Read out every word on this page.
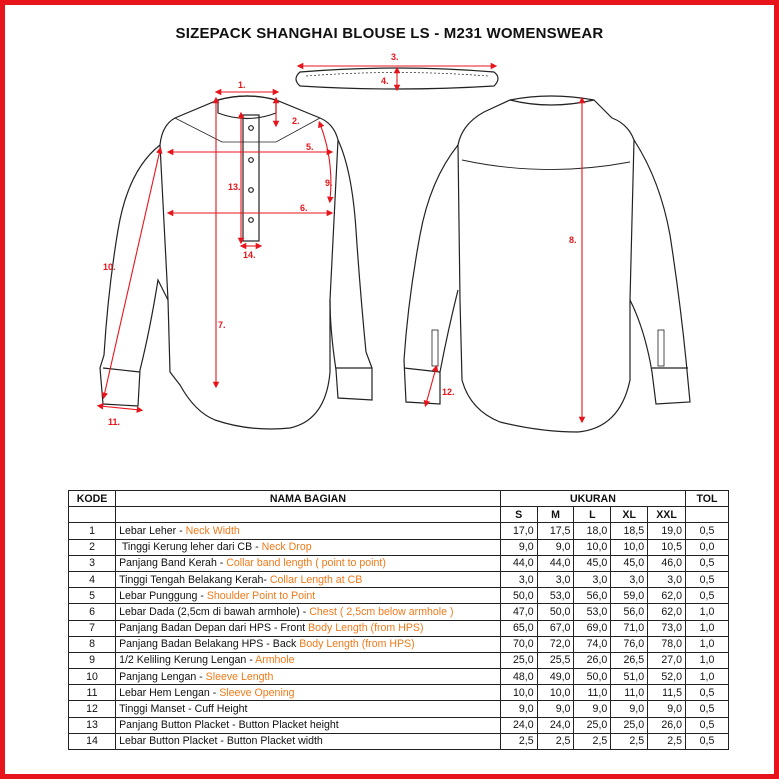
SIZEPACK SHANGHAI BLOUSE LS - M231 WOMENSWEAR
1.
2.
3.
4.
5.
6.
7.
8.
9.
10.
11.
12.
13.
14.
KODE	NAMA BAGIAN	UKURAN					TOL
		S	M	L	XL	XXL	
1	Lebar Leher - Neck Width	17,0	17,5	18,0	18,5	19,0	0,5
2	Tinggi Kerung leher dari CB - Neck Drop	9,0	9,0	10,0	10,0	10,5	0,0
3	Panjang Band Kerah - Collar band length ( point to point)	44,0	44,0	45,0	45,0	46,0	0,5
4	Tinggi Tengah Belakang Kerah- Collar Length at CB	3,0	3,0	3,0	3,0	3,0	0,5
5	Lebar Punggung - Shoulder Point to Point	50,0	53,0	56,0	59,0	62,0	0,5
6	Lebar Dada (2,5cm di bawah armhole) - Chest ( 2,5cm below armhole )	47,0	50,0	53,0	56,0	62,0	1,0
7	Panjang Badan Depan dari HPS - Front Body Length (from HPS)	65,0	67,0	69,0	71,0	73,0	1,0
8	Panjang Badan Belakang HPS - Back Body Length (from HPS)	70,0	72,0	74,0	76,0	78,0	1,0
9	1/2 Keliling Kerung Lengan - Armhole	25,0	25,5	26,0	26,5	27,0	1,0
10	Panjang Lengan - Sleeve Length	48,0	49,0	50,0	51,0	52,0	1,0
11	Lebar Hem Lengan - Sleeve Opening	10,0	10,0	11,0	11,0	11,5	0,5
12	Tinggi Manset - Cuff Height	9,0	9,0	9,0	9,0	9,0	0,5
13	Panjang Button Placket - Button Placket height	24,0	24,0	25,0	25,0	26,0	0,5
14	Lebar Button Placket - Button Placket width	2,5	2,5	2,5	2,5	2,5	0,5
